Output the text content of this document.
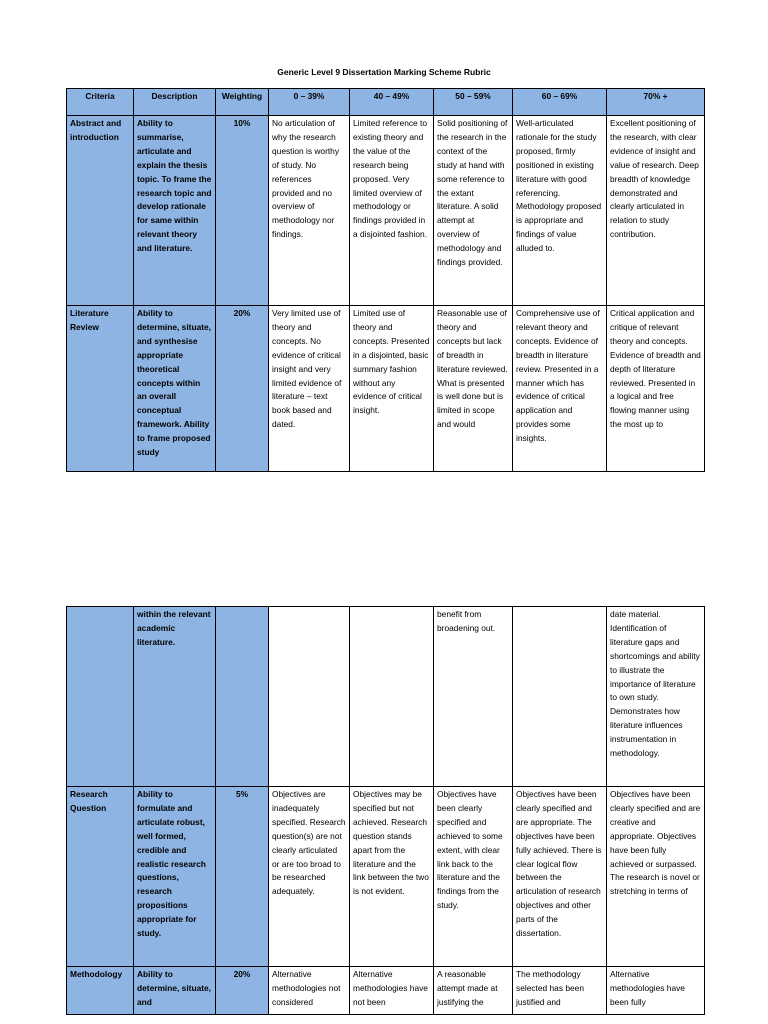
Generic Level 9 Dissertation Marking Scheme Rubric
Criteria	Description	Weighting	0 – 39%	40 – 49%	50 – 59%	60 – 69%	70% +
Abstract and introduction	Ability to summarise, articulate and explain the thesis topic. To frame the research topic and develop rationale for same within relevant theory and literature.	10%	No articulation of why the research question is worthy of study. No references provided and no overview of methodology nor findings.	Limited reference to existing theory and the value of the research being proposed. Very limited overview of methodology or findings provided in a disjointed fashion.	Solid positioning of the research in the context of the study at hand with some reference to the extant literature. A solid attempt at overview of methodology and findings provided.	Well-articulated rationale for the study proposed, firmly positioned in existing literature with good referencing. Methodology proposed is appropriate and findings of value alluded to.	Excellent positioning of the research, with clear evidence of insight and value of research. Deep breadth of knowledge demonstrated and clearly articulated in relation to study contribution.
Literature Review	Ability to determine, situate, and synthesise appropriate theoretical concepts within an overall conceptual framework. Ability to frame proposed study	20%	Very limited use of theory and concepts. No evidence of critical insight and very limited evidence of literature – text book based and dated.	Limited use of theory and concepts. Presented in a disjointed, basic summary fashion without any evidence of critical insight.	Reasonable use of theory and concepts but lack of breadth in literature reviewed. What is presented is well done but is limited in scope and would	Comprehensive use of relevant theory and concepts. Evidence of breadth in literature review. Presented in a manner which has evidence of critical application and provides some insights.	Critical application and critique of relevant theory and concepts. Evidence of breadth and depth of literature reviewed. Presented in a logical and free flowing manner using the most up to
	within the relevant academic literature.				benefit from broadening out.		date material. Identification of literature gaps and shortcomings and ability to illustrate the importance of literature to own study. Demonstrates how literature influences instrumentation in methodology.
Research Question	Ability to formulate and articulate robust, well formed, credible and realistic research questions, research propositions appropriate for study.	5%	Objectives are inadequately specified. Research question(s) are not clearly articulated or are too broad to be researched adequately.	Objectives may be specified but not achieved. Research question stands apart from the literature and the link between the two is not evident.	Objectives have been clearly specified and achieved to some extent, with clear link back to the literature and the findings from the study.	Objectives have been clearly specified and are appropriate. The objectives have been fully achieved. There is clear logical flow between the articulation of research objectives and other parts of the dissertation.	Objectives have been clearly specified and are creative and appropriate. Objectives have been fully achieved or surpassed. The research is novel or stretching in terms of
Methodology	Ability to determine, situate, and	20%	Alternative methodologies not considered	Alternative methodologies have not been	A reasonable attempt made at justifying the	The methodology selected has been justified and	Alternative methodologies have been fully
